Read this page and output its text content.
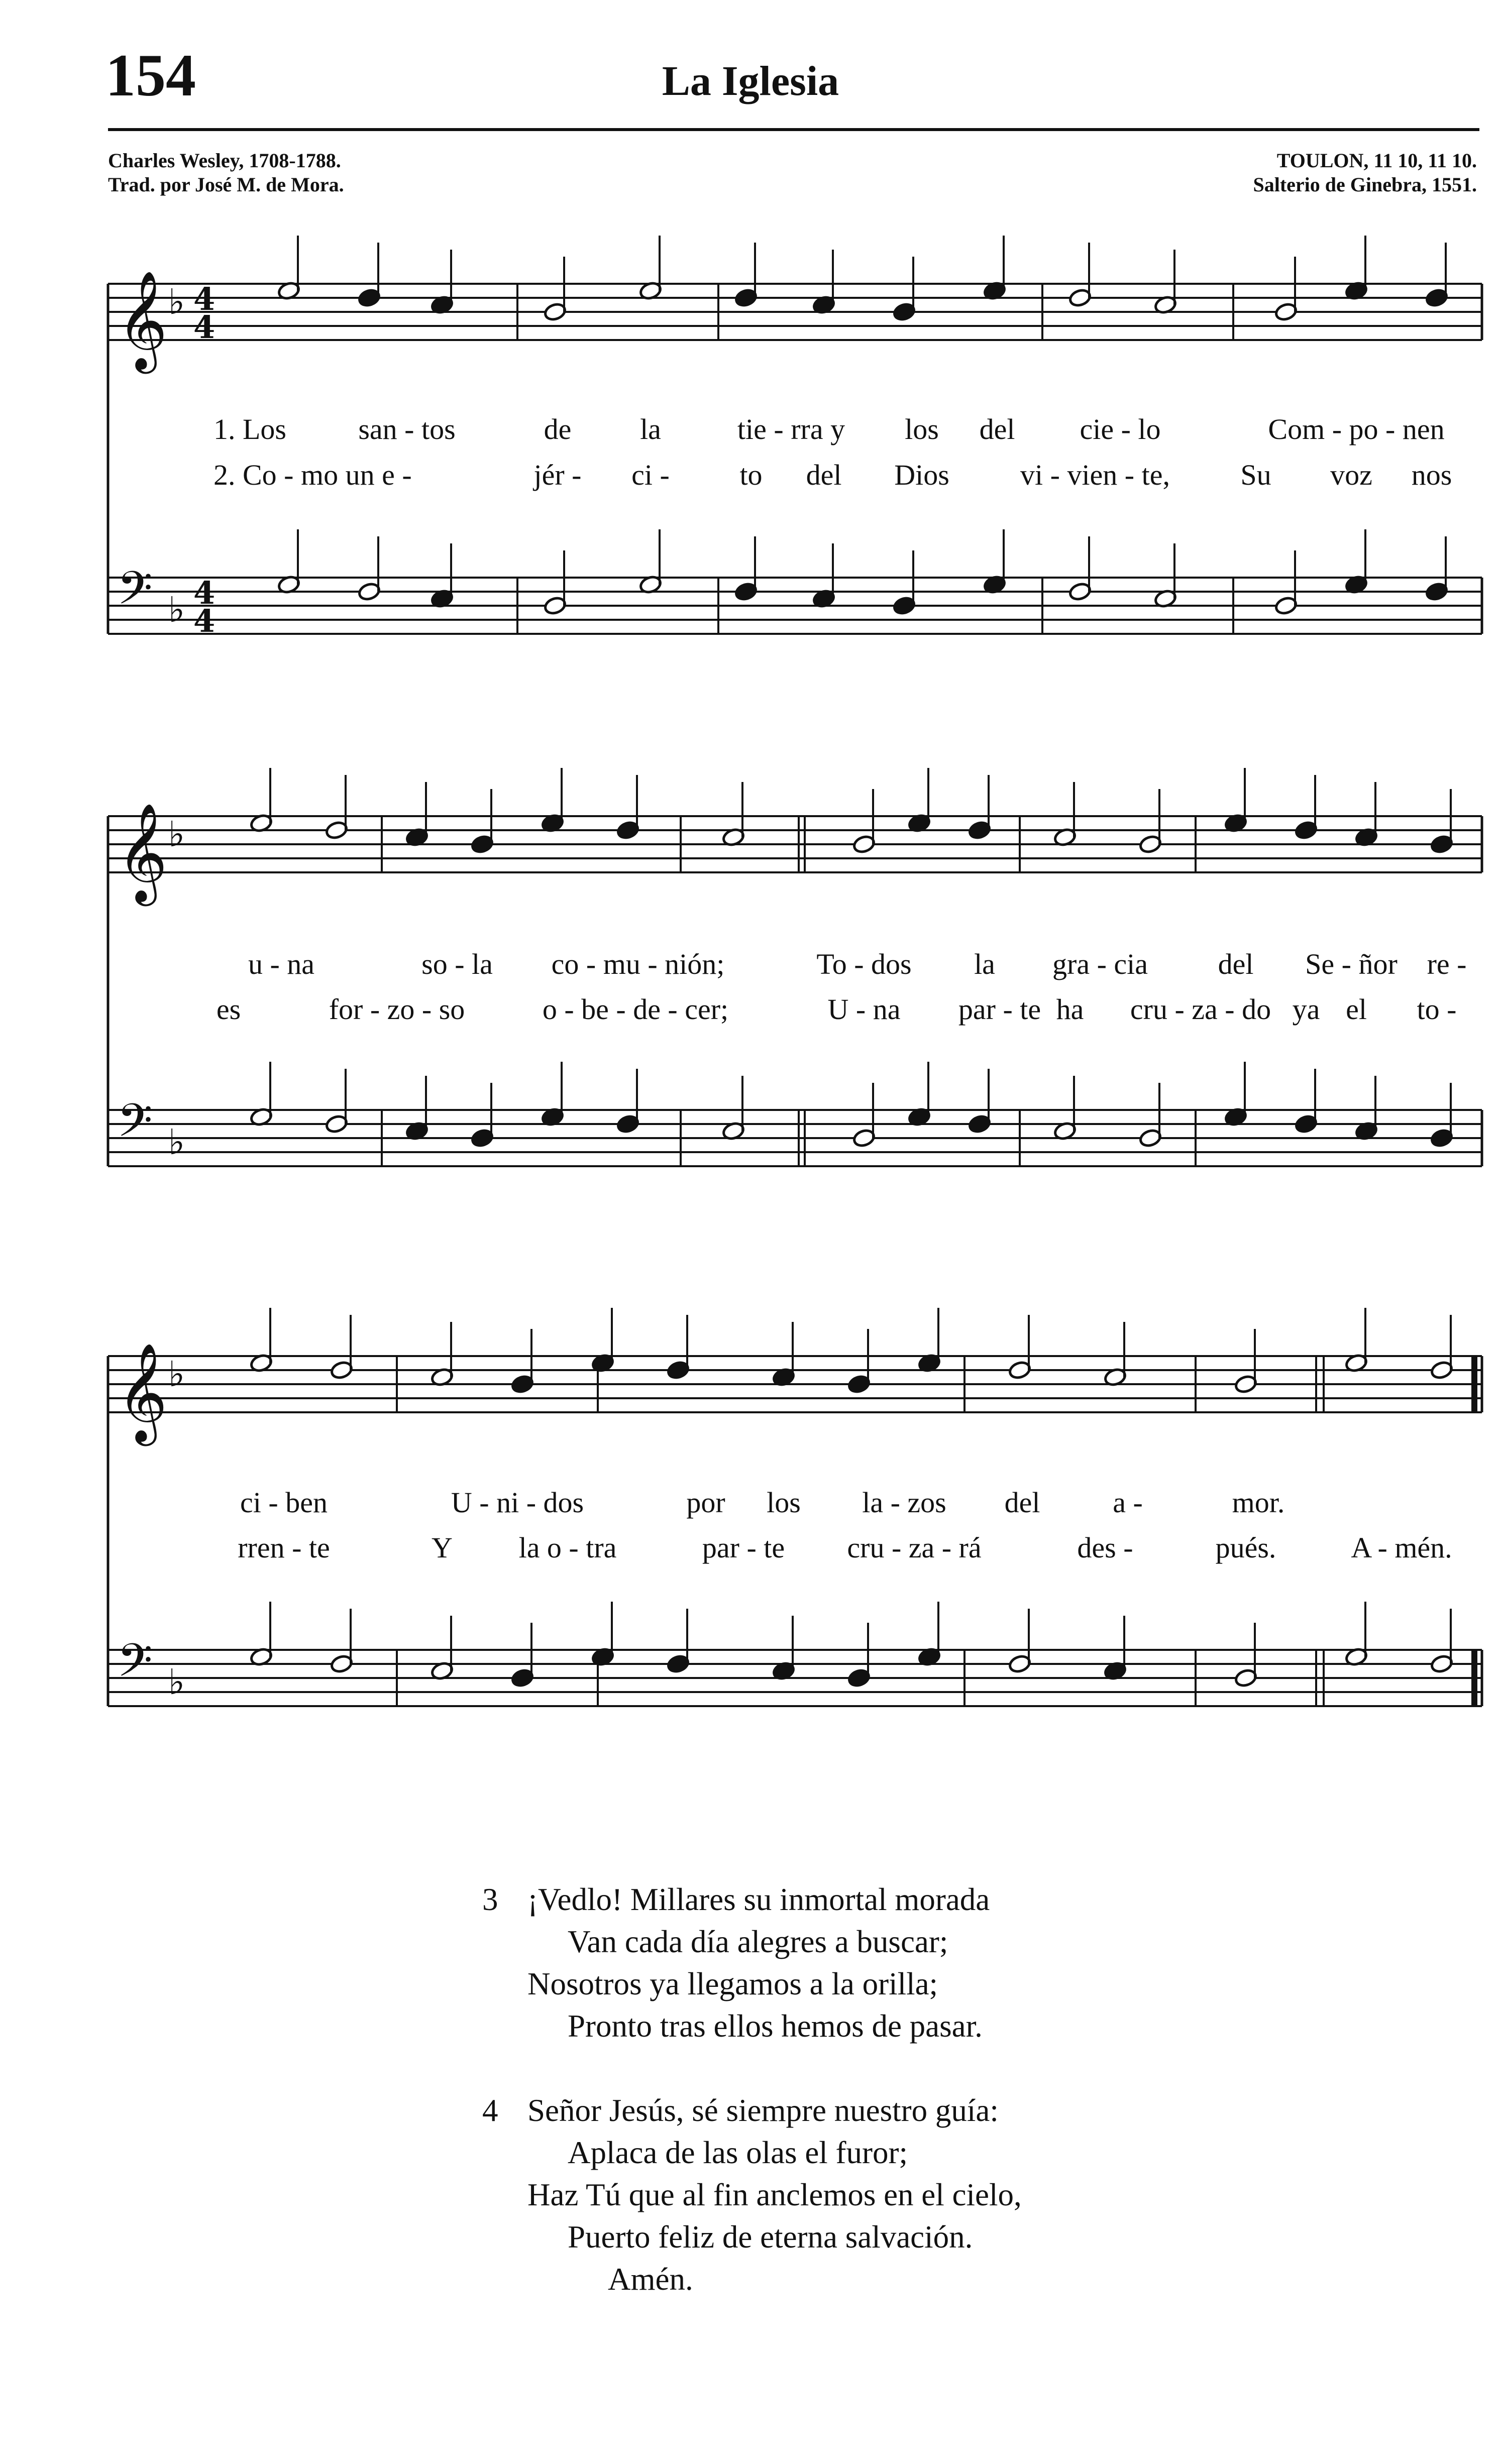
154	La Iglesia
Charles Wesley, 1708-1788.
Trad. por José M. de Mora.
TOULON, 11 10, 11 10.
Salterio de Ginebra, 1551.
𝄞 ♭ 4
4
𝄢 ♭ 4
4
𝄞 ♭
𝄢 ♭
𝄞 ♭
𝄢 ♭
1. Los san - tos	de la	tie - rra y los del cie - lo	Com - po - nen
2. Co - mo un e -	jér - ci - to del Dios vi - vien - te, Su voz nos
u - na	so - la co - mu - nión;	To - dos la gra - cia del Se - ñor re -
es	for - zo - so	o - be - de - cer;	U - na par - te ha cru - za - do ya el to -
ci - ben	U - ni - dos	por los la - zos del a -	mor.
rren - te	Y la o - tra	par - te cru - za - rá	des -	pués.	A - mén.
3 ¡Vedlo! Millares su inmortal morada
Van cada día alegres a buscar;
Nosotros ya llegamos a la orilla;
Pronto tras ellos hemos de pasar.
4 Señor Jesús, sé siempre nuestro guía:
Aplaca de las olas el furor;
Haz Tú que al fin anclemos en el cielo,
Puerto feliz de eterna salvación.
Amén.
